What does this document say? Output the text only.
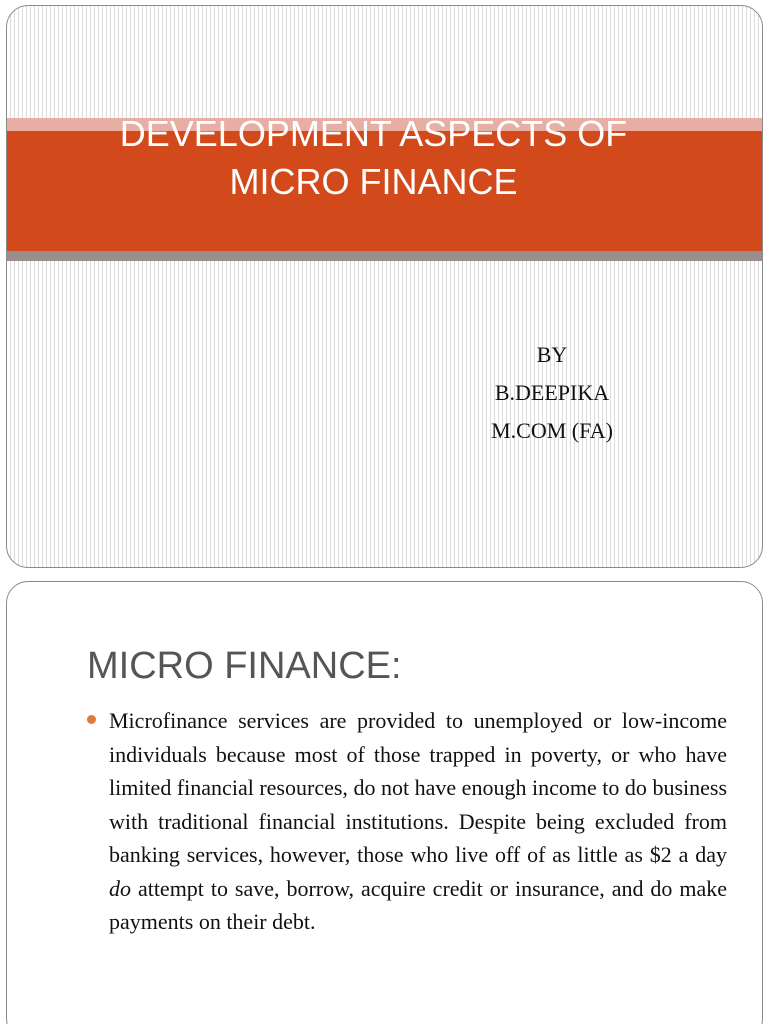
DEVELOPMENT ASPECTS OF
MICRO FINANCE
BY
B.DEEPIKA
M.COM (FA)
MICRO FINANCE:

Microfinance services are provided to unemployed or low-income individuals because most of those trapped in poverty, or who have limited financial resources, do not have enough income to do business with traditional financial institutions. Despite being excluded from banking services, however, those who live off of as little as $2 a day do attempt to save, borrow, acquire credit or insurance, and do make payments on their debt.
